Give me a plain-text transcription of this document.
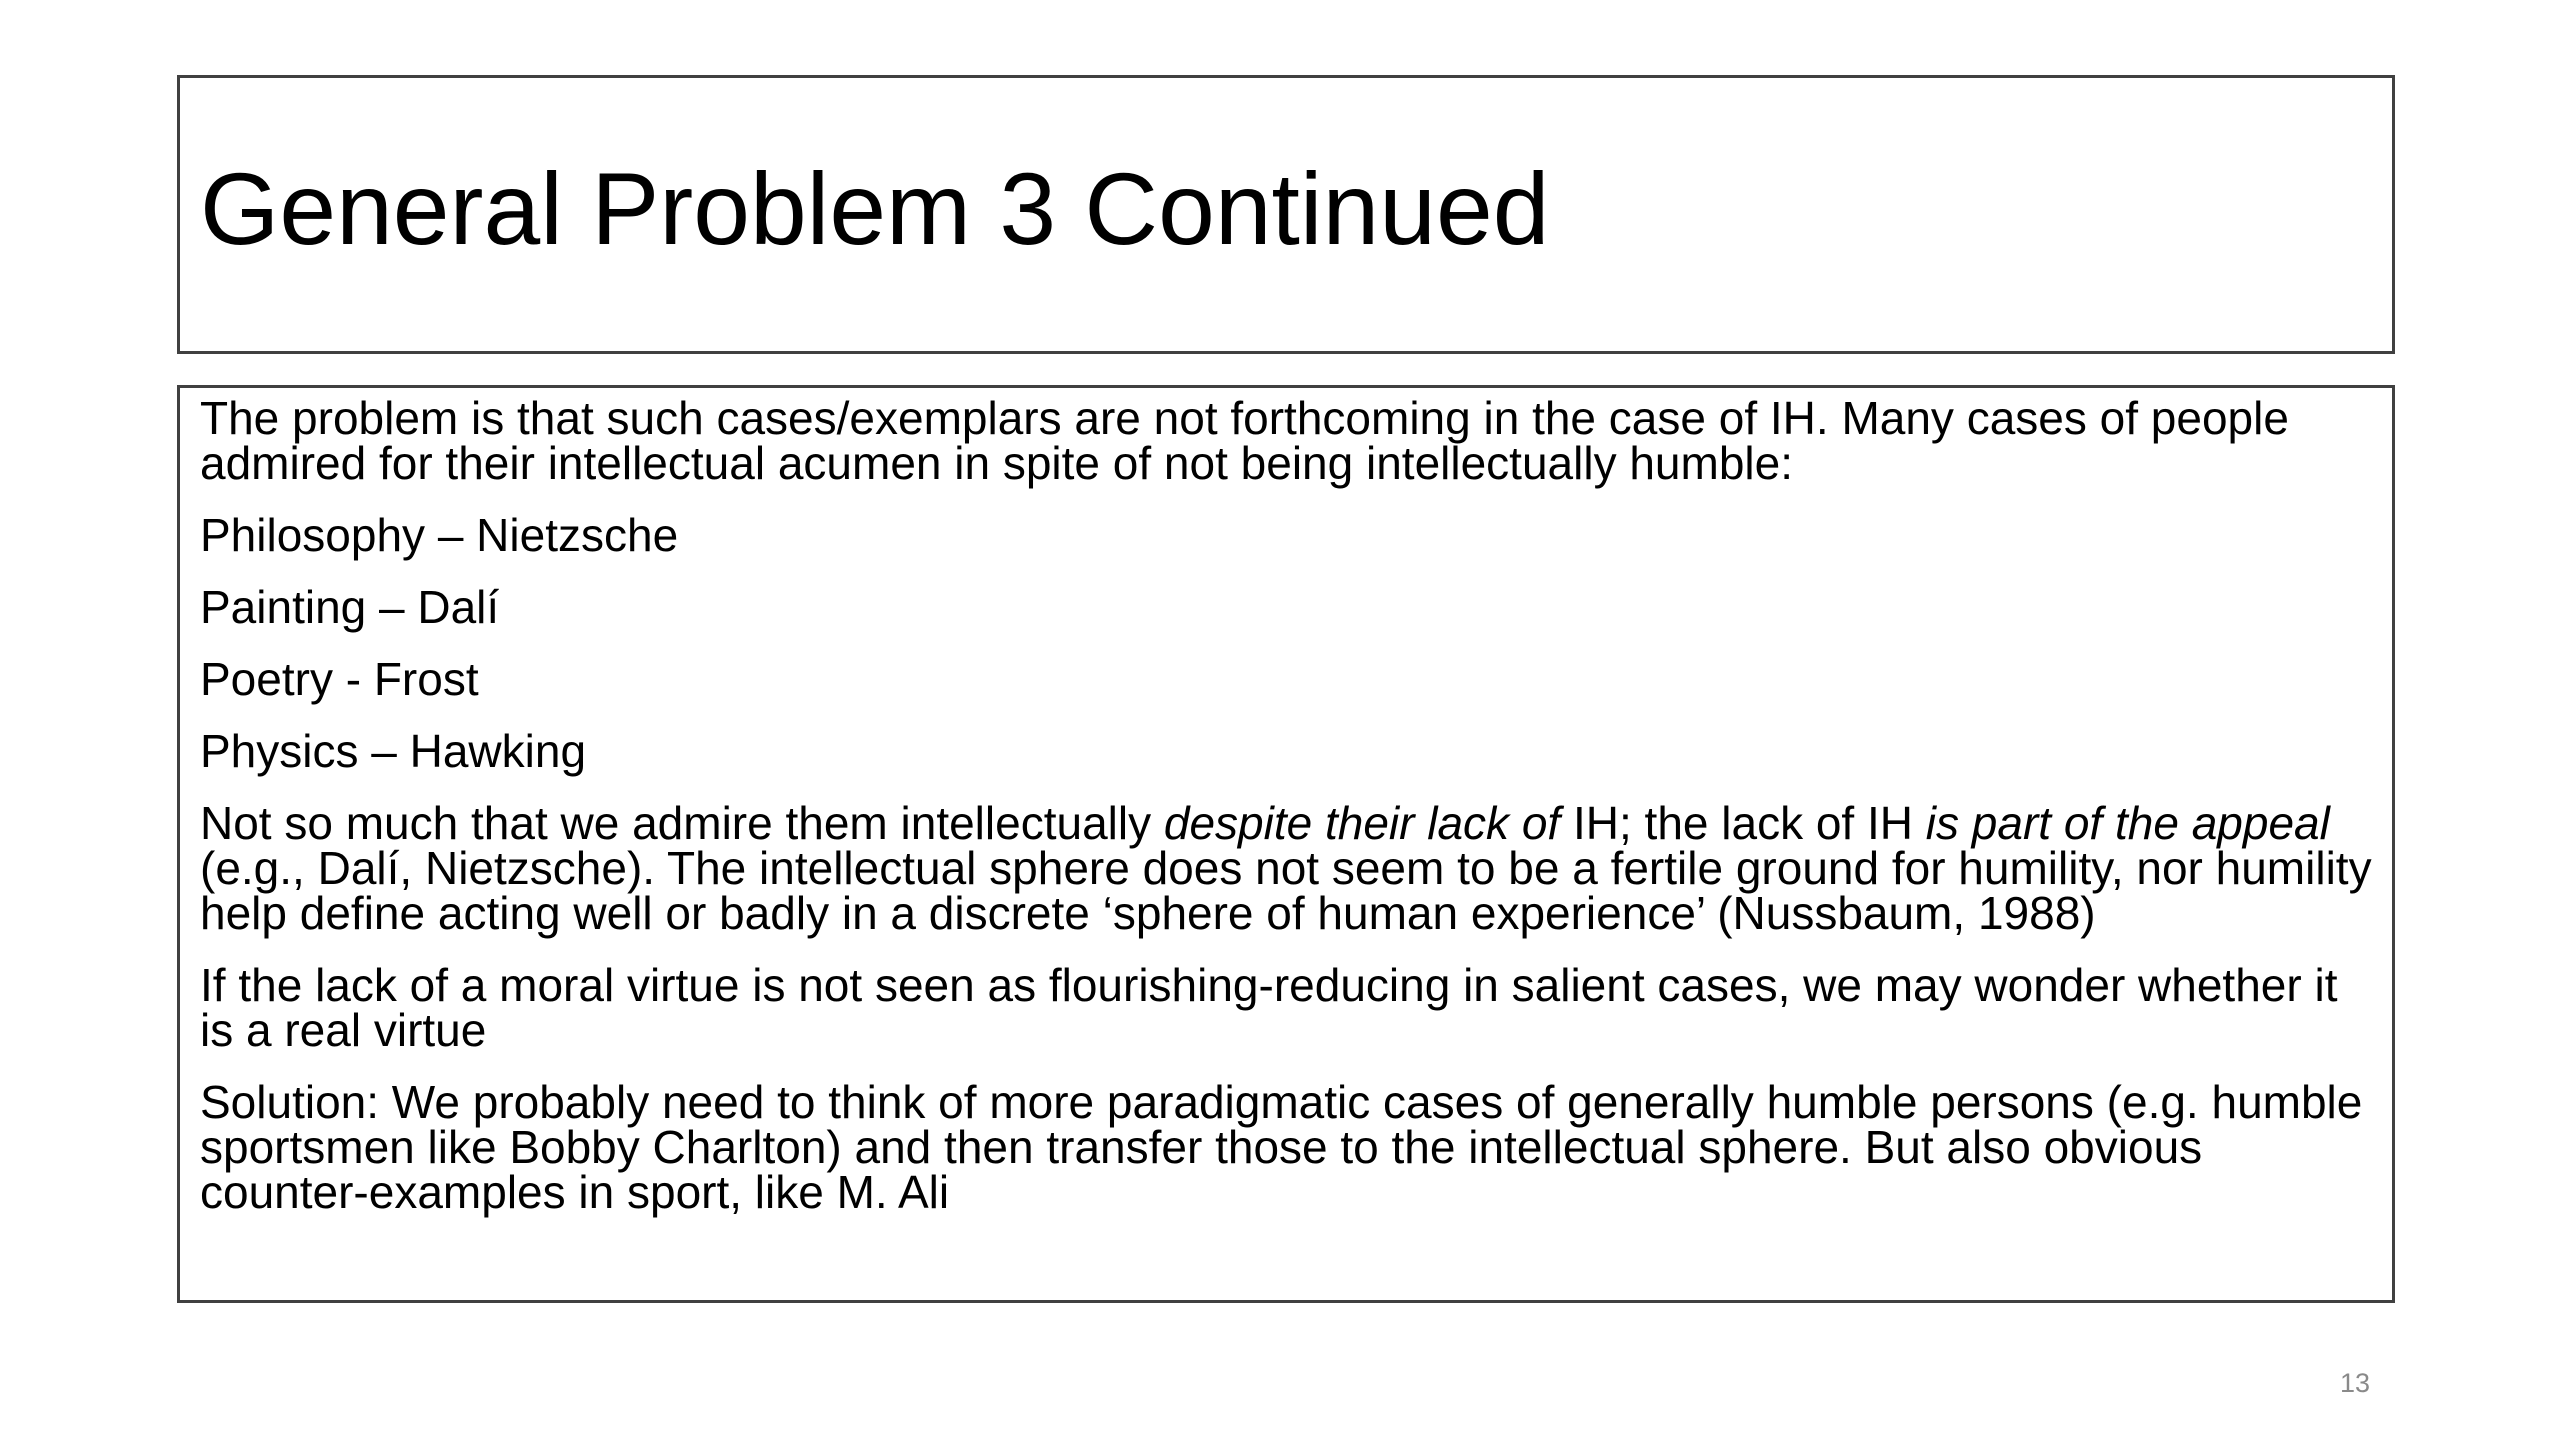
General Problem 3 Continued

The problem is that such cases/exemplars are not forthcoming in the case of IH. Many cases of people admired for their intellectual acumen in spite of not being intellectually humble:

Philosophy – Nietzsche

Painting – Dalí

Poetry - Frost

Physics – Hawking

Not so much that we admire them intellectually despite their lack of IH; the lack of IH is part of the appeal (e.g., Dalí, Nietzsche). The intellectual sphere does not seem to be a fertile ground for humility, nor humility help define acting well or badly in a discrete ‘sphere of human experience’ (Nussbaum, 1988)

If the lack of a moral virtue is not seen as flourishing-reducing in salient cases, we may wonder whether it is a real virtue

Solution: We probably need to think of more paradigmatic cases of generally humble persons (e.g. humble sportsmen like Bobby Charlton) and then transfer those to the intellectual sphere. But also obvious counter-examples in sport, like M. Ali

13
